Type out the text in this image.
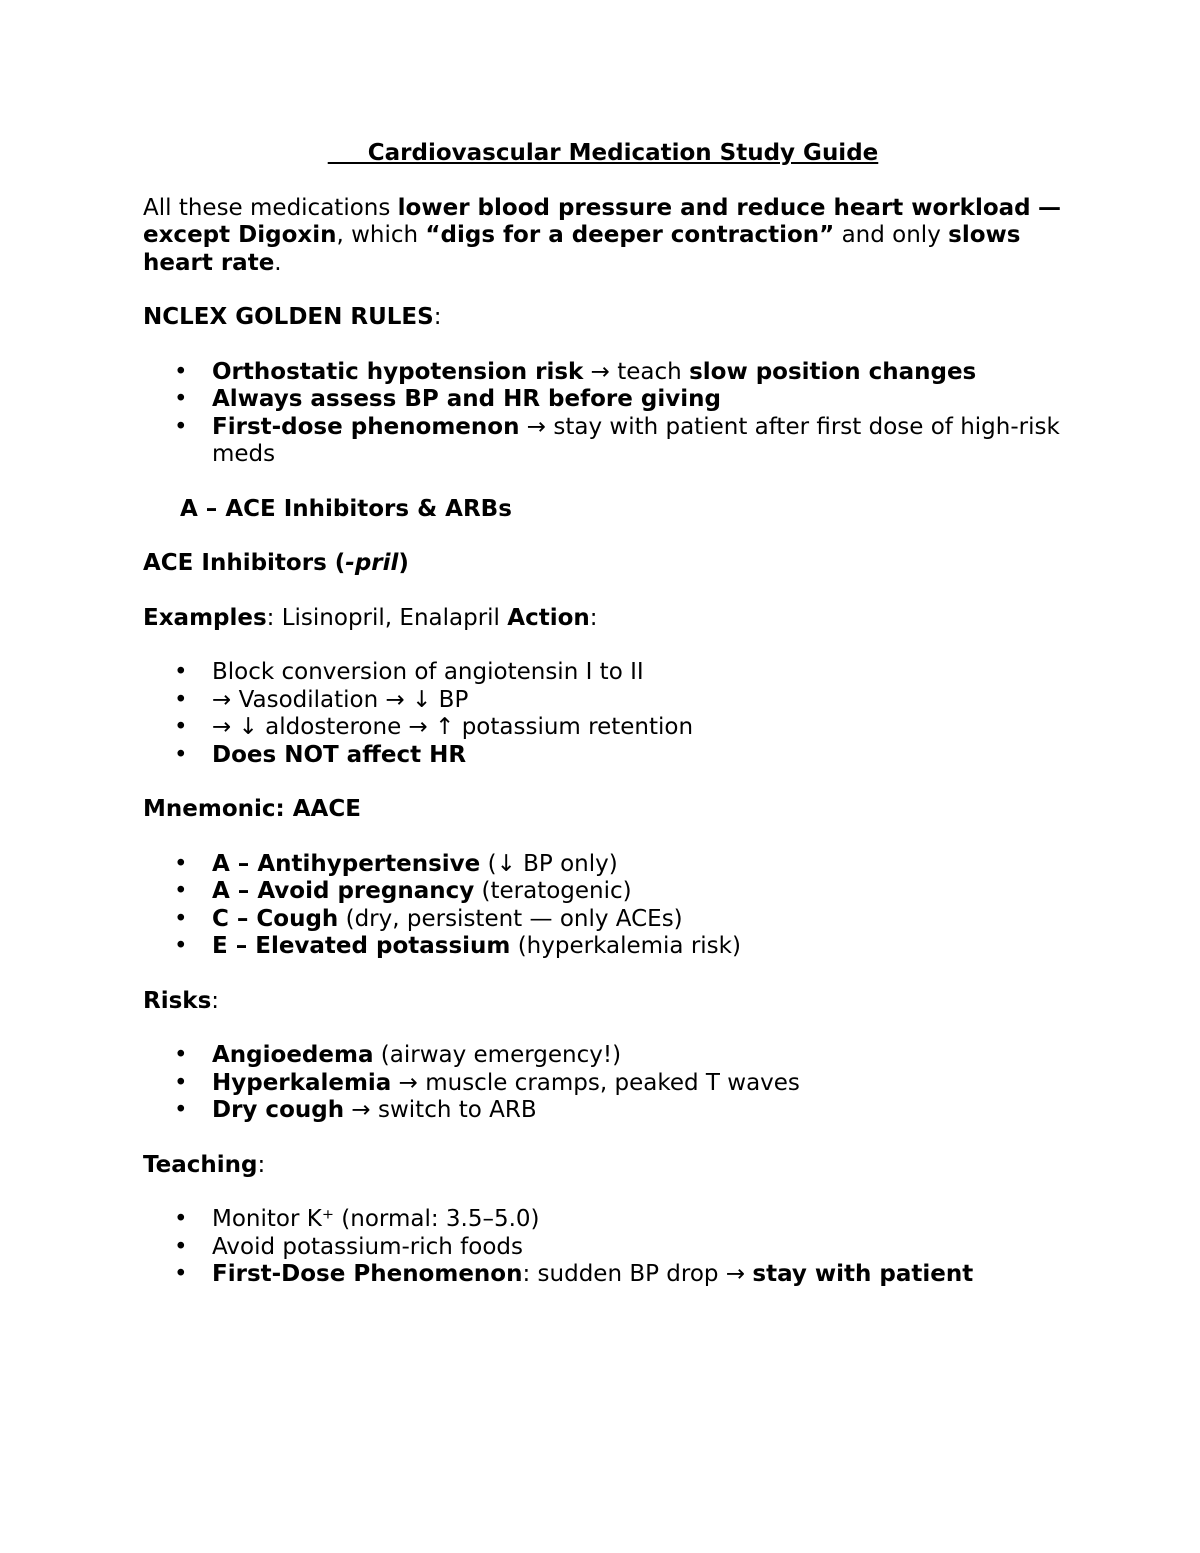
Cardiovascular Medication Study Guide

All these medications lower blood pressure and reduce heart workload — except Digoxin, which “digs for a deeper contraction” and only slows heart rate.

NCLEX GOLDEN RULES:

• Orthostatic hypotension risk → teach slow position changes
• Always assess BP and HR before giving
• First-dose phenomenon → stay with patient after first dose of high-risk meds

A – ACE Inhibitors & ARBs

ACE Inhibitors (-pril)

Examples: Lisinopril, Enalapril Action:

• Block conversion of angiotensin I to II
• → Vasodilation → ↓ BP
• → ↓ aldosterone → ↑ potassium retention
• Does NOT affect HR

Mnemonic: AACE

• A – Antihypertensive (↓ BP only)
• A – Avoid pregnancy (teratogenic)
• C – Cough (dry, persistent — only ACEs)
• E – Elevated potassium (hyperkalemia risk)

Risks:

• Angioedema (airway emergency!)
• Hyperkalemia → muscle cramps, peaked T waves
• Dry cough → switch to ARB

Teaching:

• Monitor K⁺ (normal: 3.5–5.0)
• Avoid potassium-rich foods
• First-Dose Phenomenon: sudden BP drop → stay with patient
